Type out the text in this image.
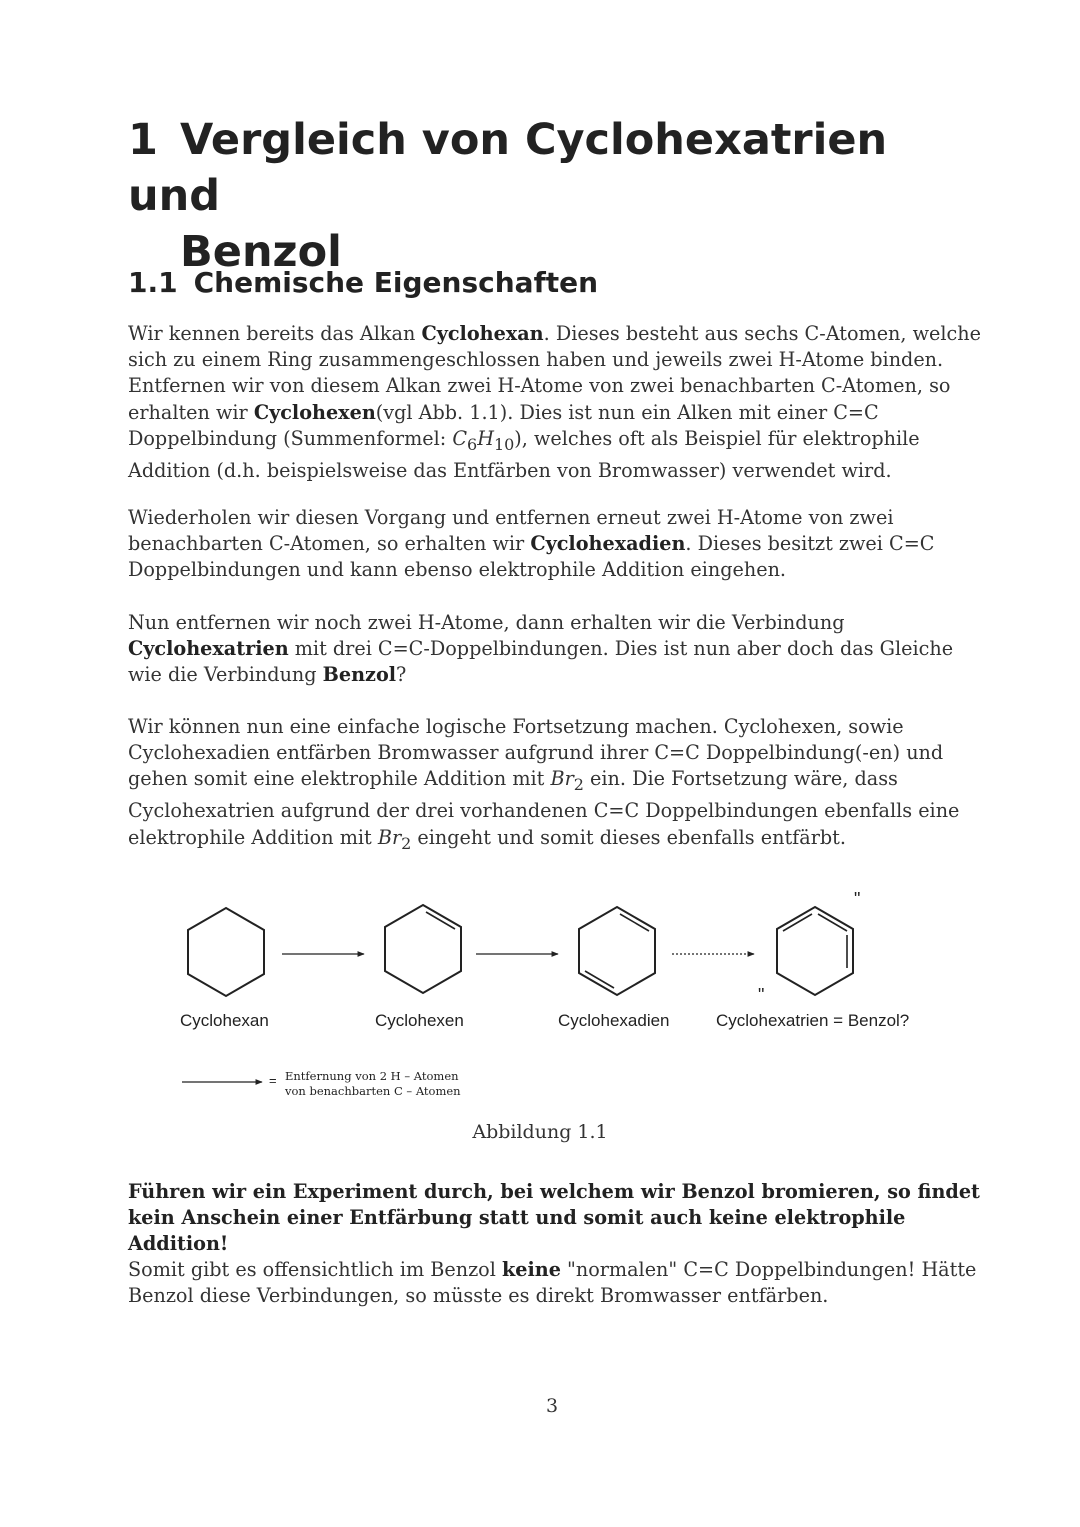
1 Vergleich von Cyclohexatrien und
Benzol
1.1 Chemische Eigenschaften

Wir kennen bereits das Alkan Cyclohexan. Dieses besteht aus sechs C-Atomen, welche sich zu einem Ring zusammengeschlossen haben und jeweils zwei H-Atome binden. Entfernen wir von diesem Alkan zwei H-Atome von zwei benachbarten C-Atomen, so erhalten wir Cyclohexen(vgl Abb. 1.1). Dies ist nun ein Alken mit einer C=C Doppelbindung (Summenformel: $C_6H_{10}$), welches oft als Beispiel für elektrophile Addition (d.h. beispielsweise das Entfärben von Bromwasser) verwendet wird.

Wiederholen wir diesen Vorgang und entfernen erneut zwei H-Atome von zwei benachbarten C-Atomen, so erhalten wir Cyclohexadien. Dieses besitzt zwei C=C Doppelbindungen und kann ebenso elektrophile Addition eingehen.

Nun entfernen wir noch zwei H-Atome, dann erhalten wir die Verbindung Cyclohexatrien mit drei C=C-Doppelbindungen. Dies ist nun aber doch das Gleiche wie die Verbindung Benzol?

Wir können nun eine einfache logische Fortsetzung machen. Cyclohexen, sowie Cyclohexadien entfärben Bromwasser aufgrund ihrer C=C Doppelbindung(-en) und gehen somit eine elektrophile Addition mit $Br_2$ ein. Die Fortsetzung wäre, dass Cyclohexatrien aufgrund der drei vorhandenen C=C Doppelbindungen ebenfalls eine elektrophile Addition mit $Br_2$ eingeht und somit dieses ebenfalls entfärbt.

Cyclohexan	Cyclohexen	Cyclohexadien	Cyclohexatrien = Benzol?
"
"
= Entfernung von 2 H – Atomen
von benachbarten C – Atomen
Abbildung 1.1

Führen wir ein Experiment durch, bei welchem wir Benzol bromieren, so findet kein Anschein einer Entfärbung statt und somit auch keine elektrophile Addition!

Somit gibt es offensichtlich im Benzol keine "normalen" C=C Doppelbindungen! Hätte Benzol diese Verbindungen, so müsste es direkt Bromwasser entfärben.

3
